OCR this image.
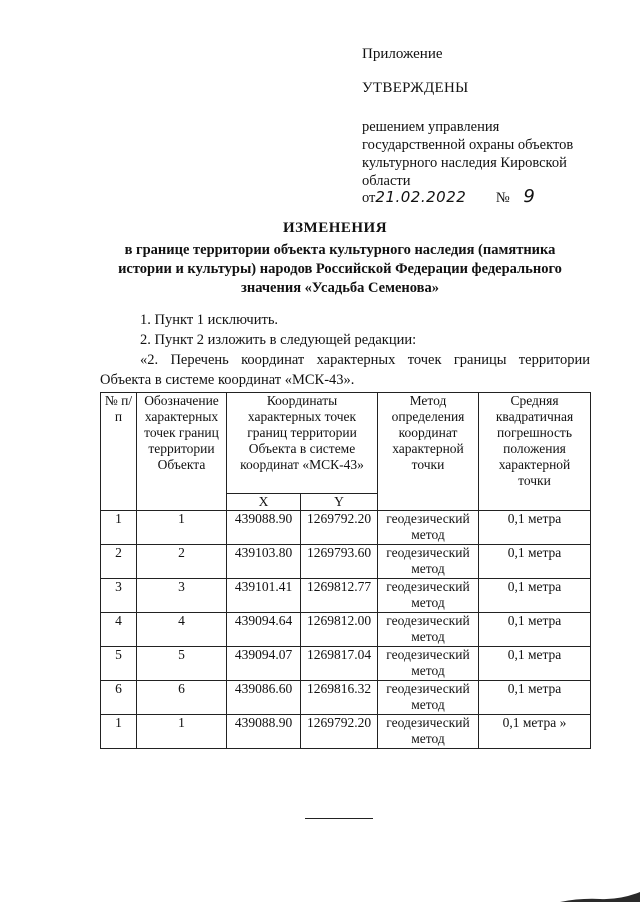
Приложение
УТВЕРЖДЕНЫ
решением управления
государственной охраны объектов
культурного наследия Кировской
области
от21.02.2022 № 9
ИЗМЕНЕНИЯ
в границе территории объекта культурного наследия (памятника
истории и культуры) народов Российской Федерации федерального
значения «Усадьба Семенова»
1. Пункт 1 исключить.
2. Пункт 2 изложить в следующей редакции:
«2. Перечень координат характерных точек границы территории
Объекта в системе координат «МСК-43».
№ п/п	Обозначение характерных точек границ территории Объекта	Координаты характерных точек границ территории Объекта в системе координат «МСК-43»		Метод определения координат характерной точки	Средняя квадратичная погрешность положения характерной точки
		X	Y		
1	1	439088.90	1269792.20	геодезический метод	0,1 метра
2	2	439103.80	1269793.60	геодезический метод	0,1 метра
3	3	439101.41	1269812.77	геодезический метод	0,1 метра
4	4	439094.64	1269812.00	геодезический метод	0,1 метра
5	5	439094.07	1269817.04	геодезический метод	0,1 метра
6	6	439086.60	1269816.32	геодезический метод	0,1 метра
1	1	439088.90	1269792.20	геодезический метод	0,1 метра »
